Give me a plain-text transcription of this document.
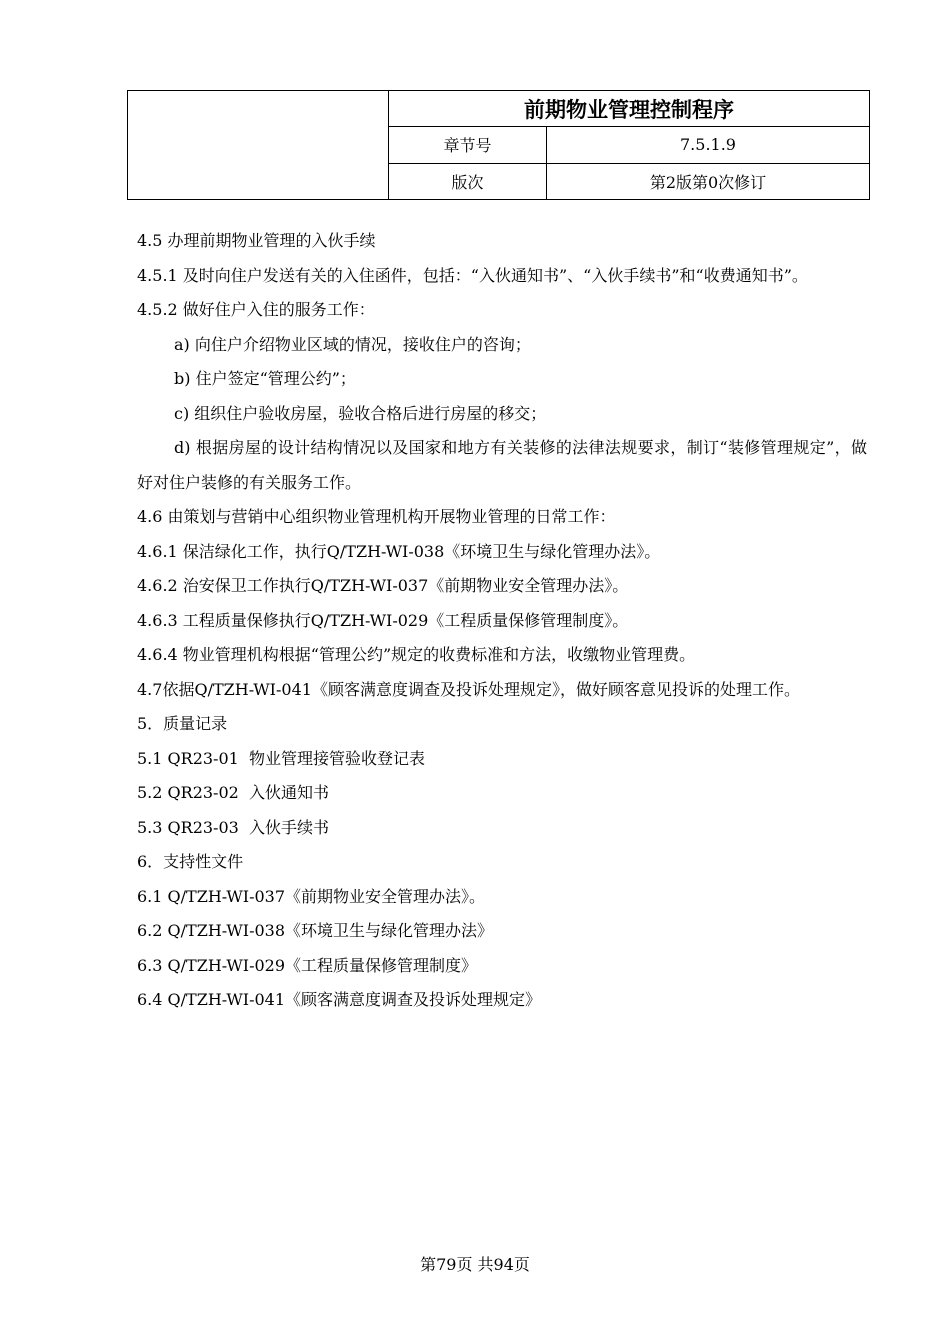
	前期物业管理控制程序	
	章节号	7.5.1.9
	版次	第2版第0次修订
4.5 办理前期物业管理的入伙手续
4.5.1 及时向住户发送有关的入住函件，包括：“入伙通知书”、“入伙手续书”和“收费通知书”。
4.5.2 做好住户入住的服务工作：
a) 向住户介绍物业区域的情况，接收住户的咨询；
b) 住户签定“管理公约”；
c) 组织住户验收房屋，验收合格后进行房屋的移交；
d) 根据房屋的设计结构情况以及国家和地方有关装修的法律法规要求，制订“装修管理规定”，做好对住户装修的有关服务工作。
4.6 由策划与营销中心组织物业管理机构开展物业管理的日常工作：
4.6.1 保洁绿化工作，执行Q/TZH-WI-038《环境卫生与绿化管理办法》。
4.6.2 治安保卫工作执行Q/TZH-WI-037《前期物业安全管理办法》。
4.6.3 工程质量保修执行Q/TZH-WI-029《工程质量保修管理制度》。
4.6.4 物业管理机构根据“管理公约”规定的收费标准和方法，收缴物业管理费。
4.7依据Q/TZH-WI-041《顾客满意度调查及投诉处理规定》，做好顾客意见投诉的处理工作。
5．质量记录
5.1 QR23-01  物业管理接管验收登记表
5.2 QR23-02  入伙通知书
5.3 QR23-03  入伙手续书
6．支持性文件
6.1 Q/TZH-WI-037《前期物业安全管理办法》。
6.2 Q/TZH-WI-038《环境卫生与绿化管理办法》
6.3 Q/TZH-WI-029《工程质量保修管理制度》
6.4 Q/TZH-WI-041《顾客满意度调查及投诉处理规定》
第79页 共94页
